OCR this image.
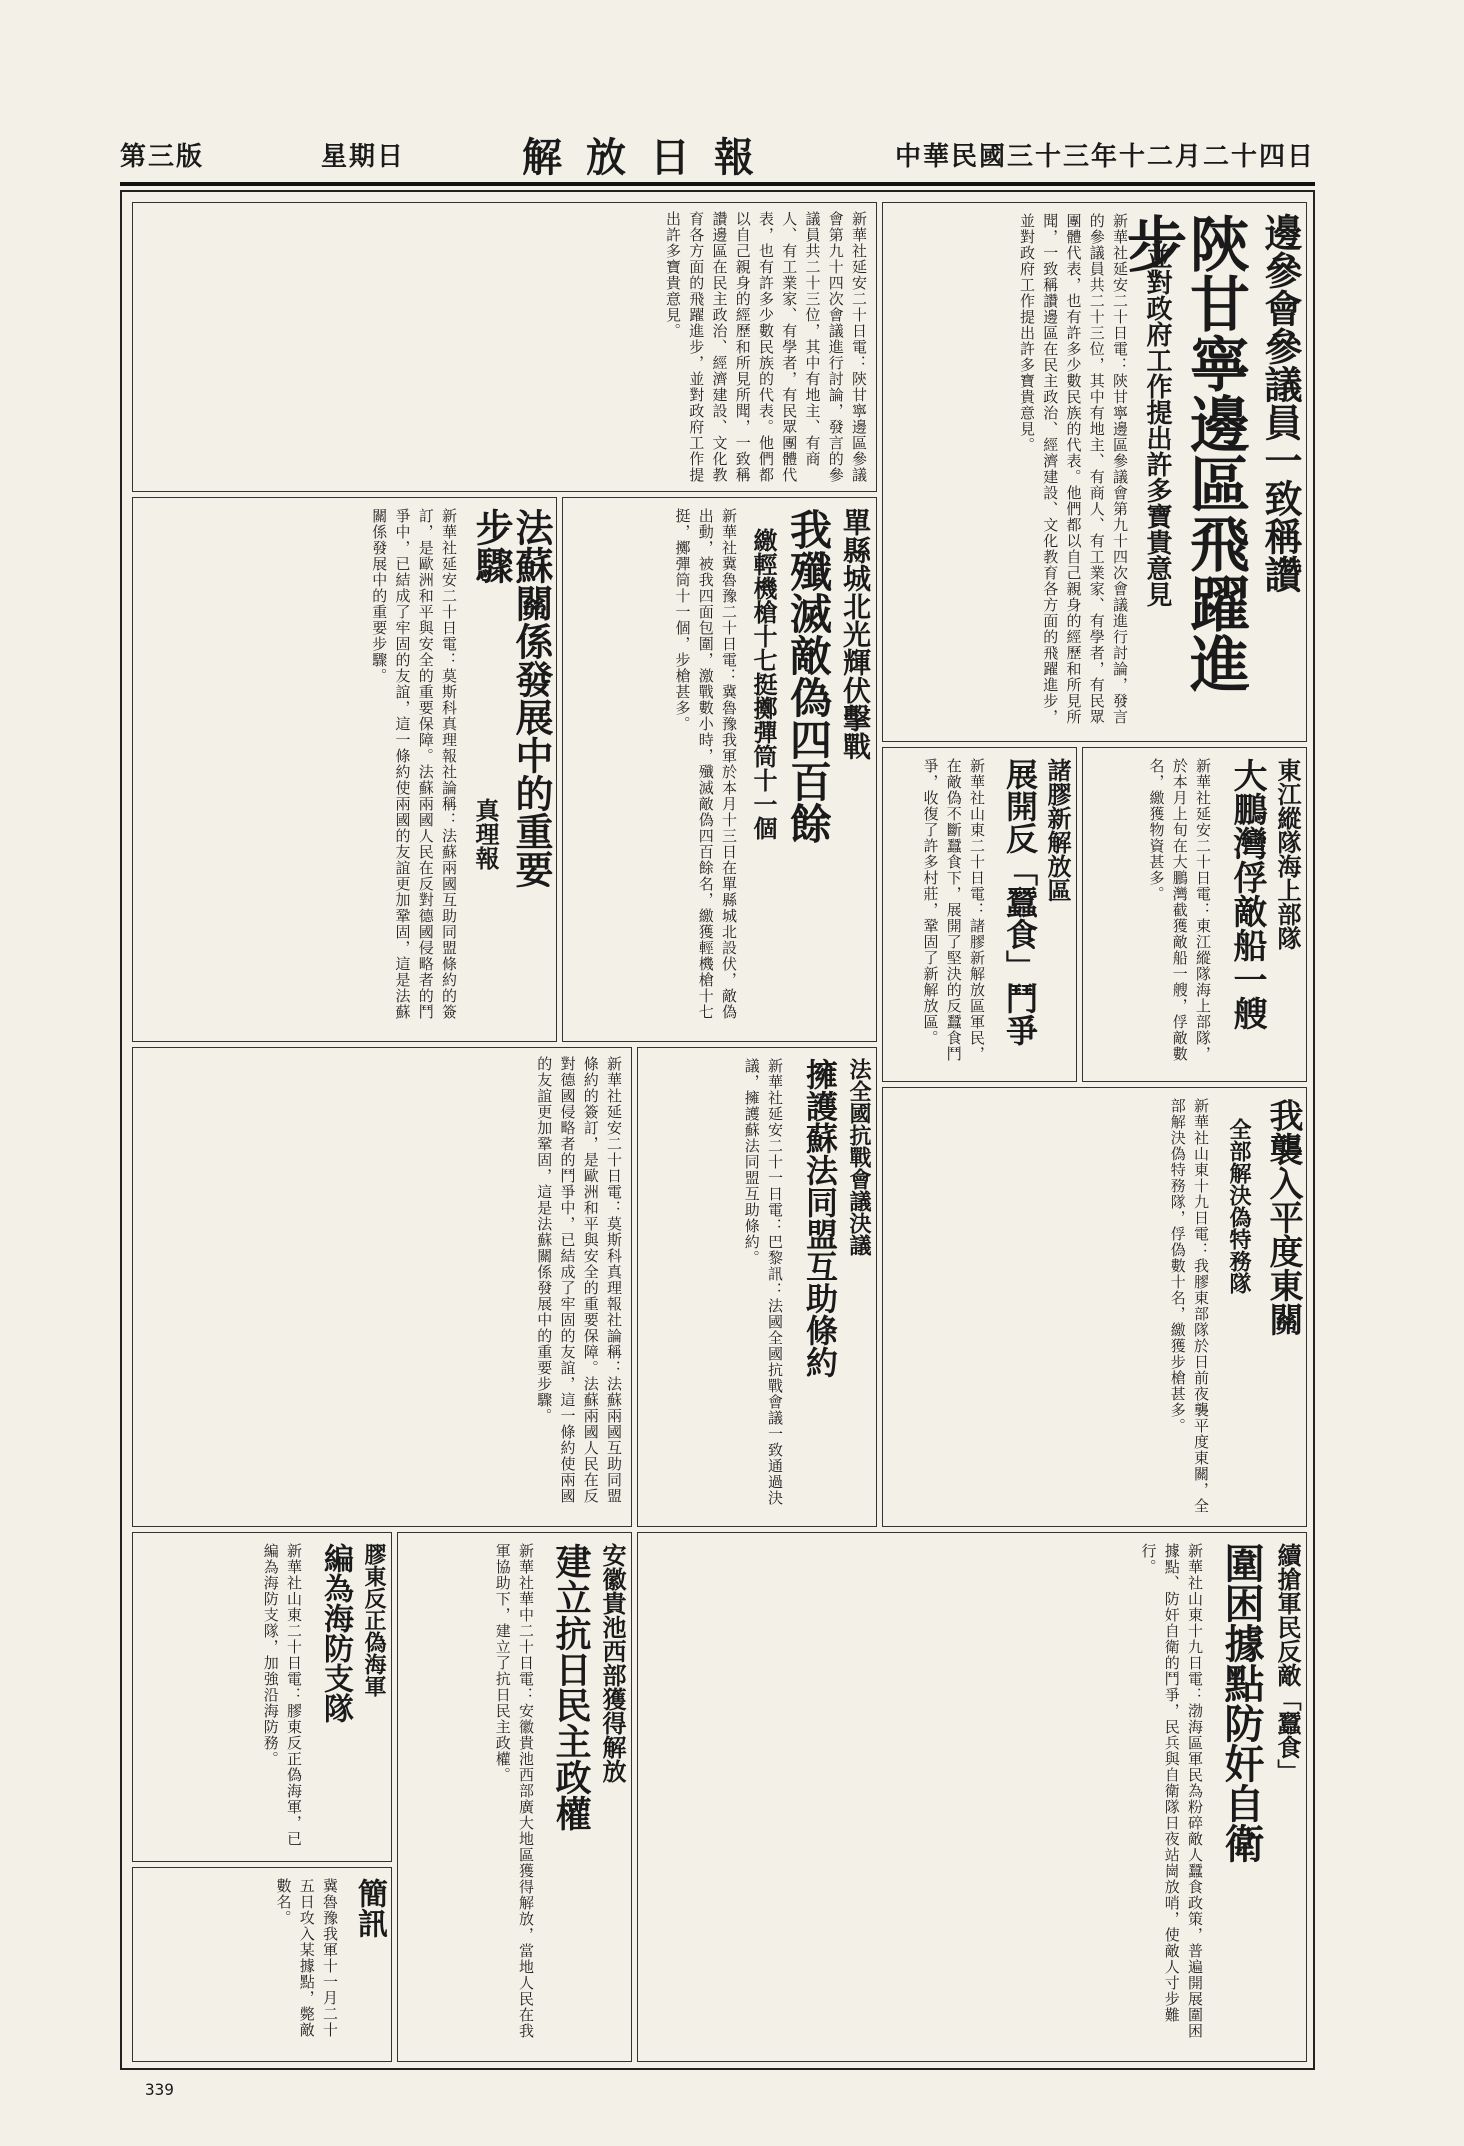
第三版	星期日	解放日報	中華民國三十三年十二月二十四日
邊參會參議員一致稱讚
陝甘寧邊區飛躍進步
並對政府工作提出許多寶貴意見
新華社延安二十日電：陝甘寧邊區參議會第九十四次會議進行討論，發言的參議員共二十三位，其中有地主、有商人、有工業家、有學者，有民眾團體代表，也有許多少數民族的代表。他們都以自己親身的經歷和所見所聞，一致稱讚邊區在民主政治、經濟建設、文化教育各方面的飛躍進步，並對政府工作提出許多寶貴意見。
新華社延安二十日電：陝甘寧邊區參議會第九十四次會議進行討論，發言的參議員共二十三位，其中有地主、有商人、有工業家、有學者，有民眾團體代表，也有許多少數民族的代表。他們都以自己親身的經歷和所見所聞，一致稱讚邊區在民主政治、經濟建設、文化教育各方面的飛躍進步，並對政府工作提出許多寶貴意見。
單縣城北光輝伏擊戰
我殲滅敵偽四百餘
繳輕機槍十七挺擲彈筒十一個
新華社冀魯豫二十日電：冀魯豫我軍於本月十三日在單縣城北設伏，敵偽出動，被我四面包圍，激戰數小時，殲滅敵偽四百餘名，繳獲輕機槍十七挺，擲彈筒十一個，步槍甚多。
法蘇關係發展中的重要步驟
真理報
新華社延安二十日電：莫斯科真理報社論稱：法蘇兩國互助同盟條約的簽訂，是歐洲和平與安全的重要保障。法蘇兩國人民在反對德國侵略者的鬥爭中，已結成了牢固的友誼，這一條約使兩國的友誼更加鞏固，這是法蘇關係發展中的重要步驟。
新華社延安二十日電：莫斯科真理報社論稱：法蘇兩國互助同盟條約的簽訂，是歐洲和平與安全的重要保障。法蘇兩國人民在反對德國侵略者的鬥爭中，已結成了牢固的友誼，這一條約使兩國的友誼更加鞏固，這是法蘇關係發展中的重要步驟。
東江縱隊海上部隊
大鵬灣俘敵船一艘
新華社延安二十日電：東江縱隊海上部隊，於本月上旬在大鵬灣截獲敵船一艘，俘敵數名，繳獲物資甚多。
諸膠新解放區
展開反「蠶食」鬥爭
新華社山東二十日電：諸膠新解放區軍民，在敵偽不斷蠶食下，展開了堅決的反蠶食鬥爭，收復了許多村莊，鞏固了新解放區。
法全國抗戰會議決議
擁護蘇法同盟互助條約
新華社延安二十一日電：巴黎訊：法國全國抗戰會議一致通過決議，擁護蘇法同盟互助條約。	我襲入平度東關
全部解決偽特務隊
新華社山東十九日電：我膠東部隊於日前夜襲平度東關，全部解決偽特務隊，俘偽數十名，繳獲步槍甚多。
續搶軍民反敵「蠶食」
圍困據點防奸自衛
新華社山東十九日電：渤海區軍民為粉碎敵人蠶食政策，普遍開展圍困據點、防奸自衛的鬥爭，民兵與自衛隊日夜站崗放哨，使敵人寸步難行。
安徽貴池西部獲得解放
建立抗日民主政權
新華社華中二十日電：安徽貴池西部廣大地區獲得解放，當地人民在我軍協助下，建立了抗日民主政權。
膠東反正偽海軍
編為海防支隊
新華社山東二十日電：膠東反正偽海軍，已編為海防支隊，加強沿海防務。
簡訊
冀魯豫我軍十一月二十五日攻入某據點，斃敵數名。
339
